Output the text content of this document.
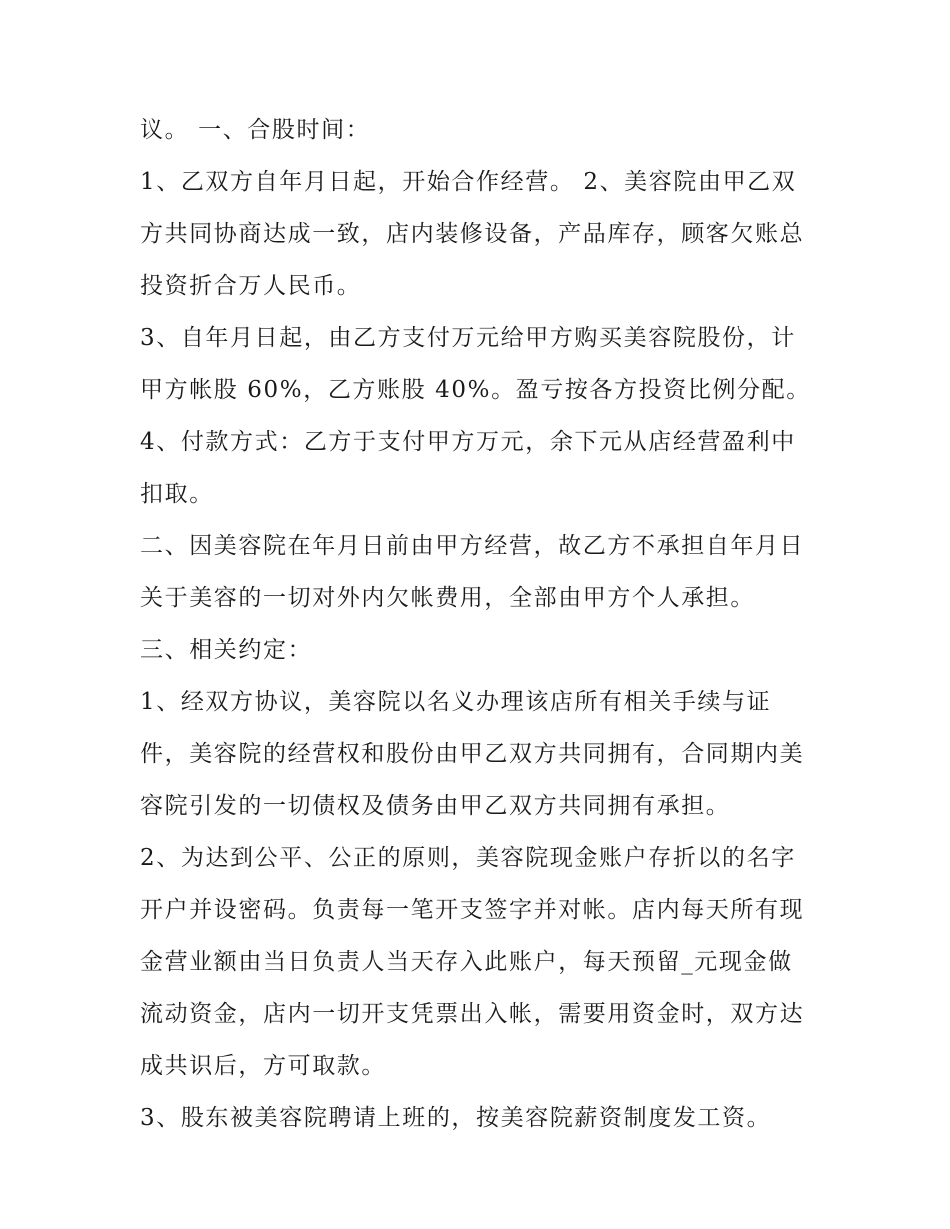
议。 一、合股时间：

1、乙双方自年月日起，开始合作经营。 2、美容院由甲乙双

方共同协商达成一致，店内装修设备，产品库存，顾客欠账总

投资折合万人民币。

3、自年月日起，由乙方支付万元给甲方购买美容院股份，计

甲方帐股 60%，乙方账股 40%。盈亏按各方投资比例分配。

4、付款方式：乙方于支付甲方万元，余下元从店经营盈利中

扣取。

二、因美容院在年月日前由甲方经营，故乙方不承担自年月日

关于美容的一切对外内欠帐费用，全部由甲方个人承担。

三、相关约定：

1、经双方协议，美容院以名义办理该店所有相关手续与证

件，美容院的经营权和股份由甲乙双方共同拥有，合同期内美

容院引发的一切债权及债务由甲乙双方共同拥有承担。

2、为达到公平、公正的原则，美容院现金账户存折以的名字

开户并设密码。负责每一笔开支签字并对帐。店内每天所有现

金营业额由当日负责人当天存入此账户，每天预留_元现金做

流动资金，店内一切开支凭票出入帐，需要用资金时，双方达

成共识后，方可取款。

3、股东被美容院聘请上班的，按美容院薪资制度发工资。
